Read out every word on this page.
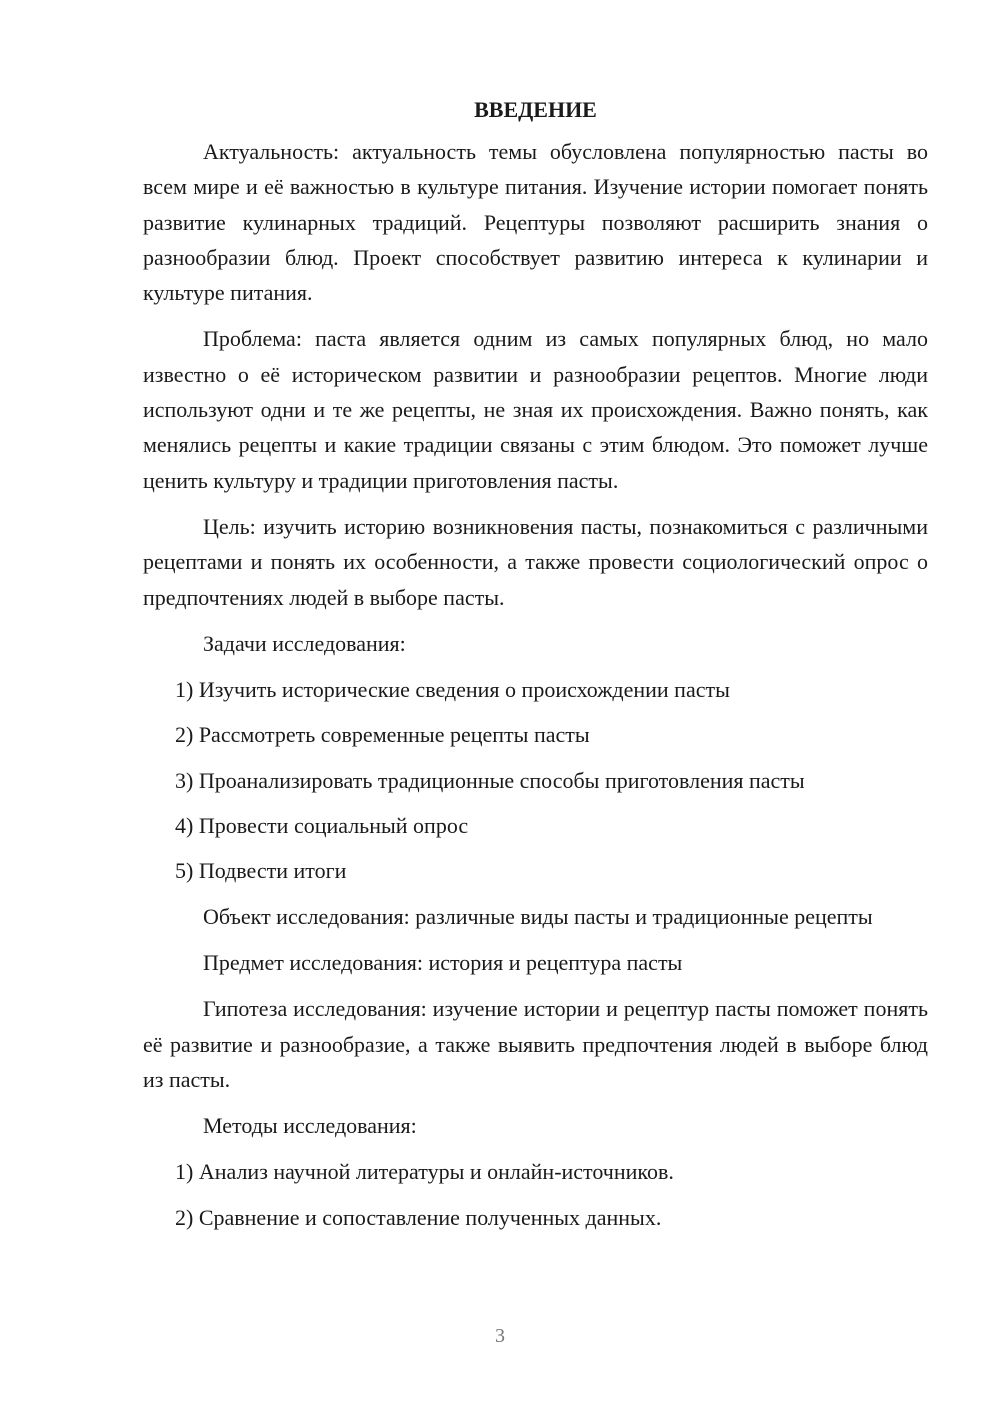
ВВЕДЕНИЕ

Актуальность: актуальность темы обусловлена популярностью пасты во всем мире и её важностью в культуре питания. Изучение истории помогает понять развитие кулинарных традиций. Рецептуры позволяют расширить знания о разнообразии блюд. Проект способствует развитию интереса к кулинарии и культуре питания.

Проблема: паста является одним из самых популярных блюд, но мало известно о её историческом развитии и разнообразии рецептов. Многие люди используют одни и те же рецепты, не зная их происхождения. Важно понять, как менялись рецепты и какие традиции связаны с этим блюдом. Это поможет лучше ценить культуру и традиции приготовления пасты.

Цель: изучить историю возникновения пасты, познакомиться с различными рецептами и понять их особенности, а также провести социологический опрос о предпочтениях людей в выборе пасты.

Задачи исследования:

1) Изучить исторические сведения о происхождении пасты
2) Рассмотреть современные рецепты пасты
3) Проанализировать традиционные способы приготовления пасты
4) Провести социальный опрос
5) Подвести итоги

Объект исследования: различные виды пасты и традиционные рецепты

Предмет исследования: история и рецептура пасты

Гипотеза исследования: изучение истории и рецептур пасты поможет понять её развитие и разнообразие, а также выявить предпочтения людей в выборе блюд из пасты.

Методы исследования:

1) Анализ научной литературы и онлайн-источников.
2) Сравнение и сопоставление полученных данных.
3
